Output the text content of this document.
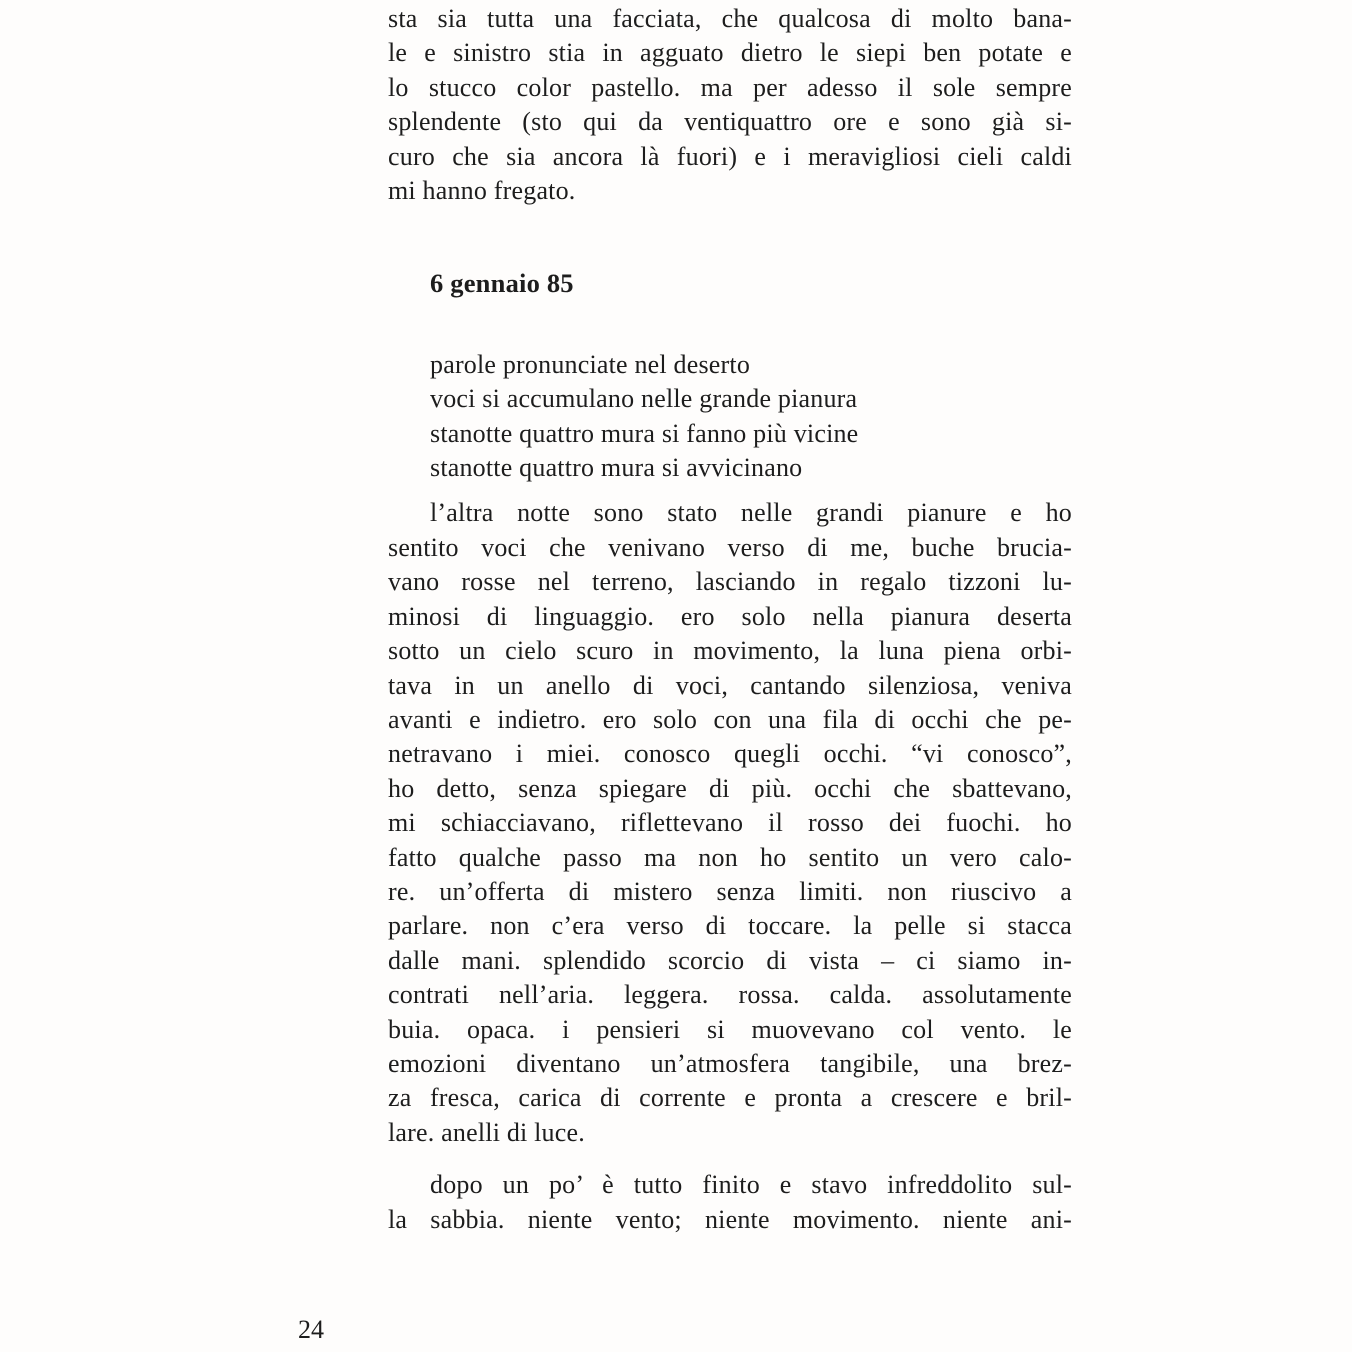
sta sia tutta una facciata, che qualcosa di molto bana-
le e sinistro stia in agguato dietro le siepi ben potate e
lo stucco color pastello. ma per adesso il sole sempre
splendente (sto qui da ventiquattro ore e sono già si-
curo che sia ancora là fuori) e i meravigliosi cieli caldi
mi hanno fregato.

6 gennaio 85
parole pronunciate nel deserto
voci si accumulano nelle grande pianura
stanotte quattro mura si fanno più vicine
stanotte quattro mura si avvicinano

l’altra notte sono stato nelle grandi pianure e ho
sentito voci che venivano verso di me, buche brucia-
vano rosse nel terreno, lasciando in regalo tizzoni lu-
minosi di linguaggio. ero solo nella pianura deserta
sotto un cielo scuro in movimento, la luna piena orbi-
tava in un anello di voci, cantando silenziosa, veniva
avanti e indietro. ero solo con una fila di occhi che pe-
netravano i miei. conosco quegli occhi. “vi conosco”,
ho detto, senza spiegare di più. occhi che sbattevano,
mi schiacciavano, riflettevano il rosso dei fuochi. ho
fatto qualche passo ma non ho sentito un vero calo-
re. un’offerta di mistero senza limiti. non riuscivo a
parlare. non c’era verso di toccare. la pelle si stacca
dalle mani. splendido scorcio di vista – ci siamo in-
contrati nell’aria. leggera. rossa. calda. assolutamente
buia. opaca. i pensieri si muovevano col vento. le
emozioni diventano un’atmosfera tangibile, una brez-
za fresca, carica di corrente e pronta a crescere e bril-
lare. anelli di luce.

dopo un po’ è tutto finito e stavo infreddolito sul-
la sabbia. niente vento; niente movimento. niente ani-

24
